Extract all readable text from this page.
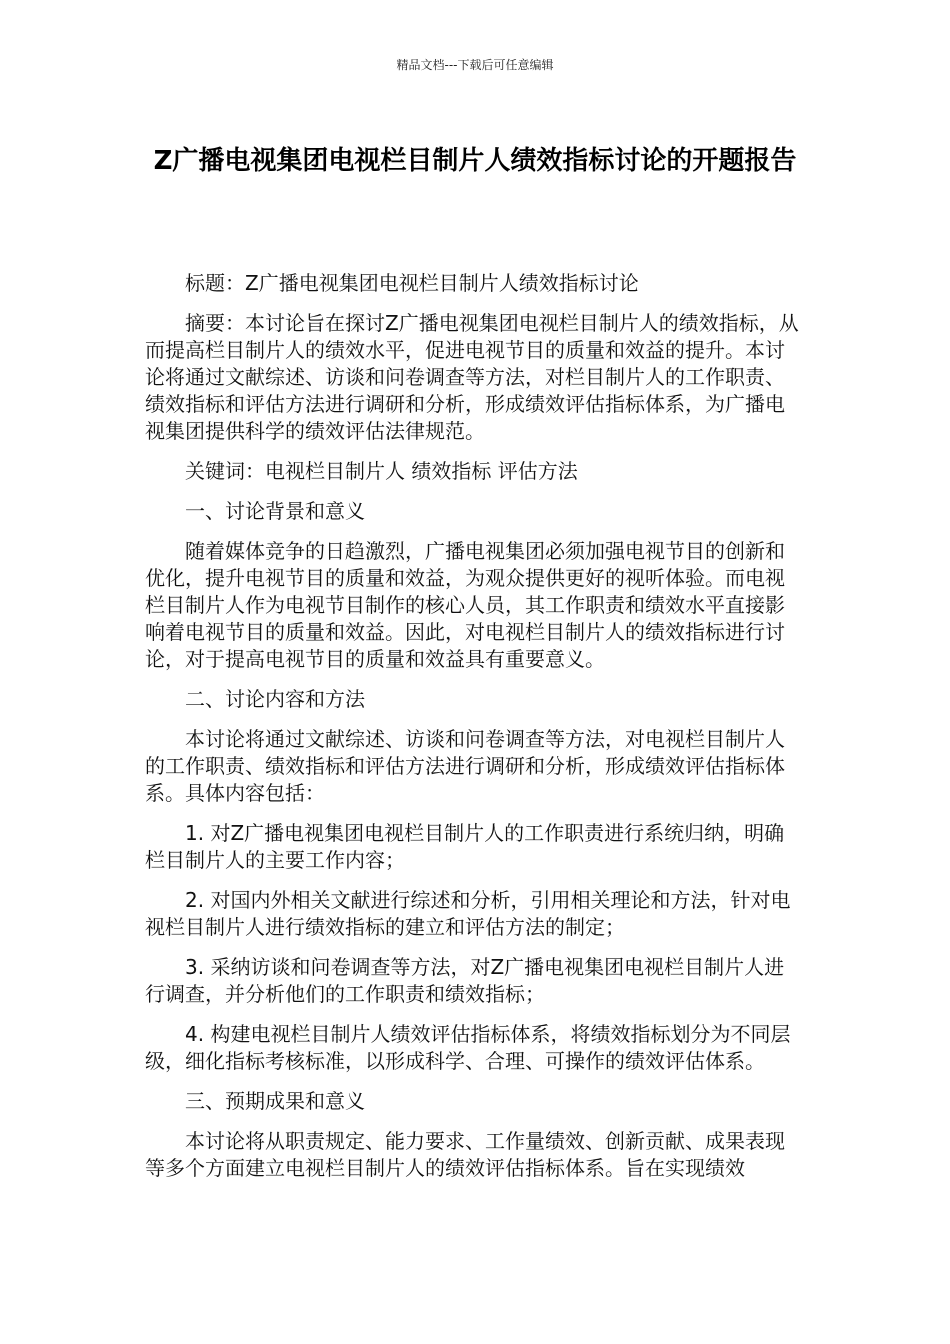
精品文档---下载后可任意编辑
Z广播电视集团电视栏目制片人绩效指标讨论的开题报告

标题：Z广播电视集团电视栏目制片人绩效指标讨论

摘要：本讨论旨在探讨Z广播电视集团电视栏目制片人的绩效指标，从而提高栏目制片人的绩效水平，促进电视节目的质量和效益的提升。本讨论将通过文献综述、访谈和问卷调查等方法，对栏目制片人的工作职责、绩效指标和评估方法进行调研和分析，形成绩效评估指标体系，为广播电视集团提供科学的绩效评估法律规范。

关键词：电视栏目制片人 绩效指标 评估方法

一、讨论背景和意义

随着媒体竞争的日趋激烈，广播电视集团必须加强电视节目的创新和优化，提升电视节目的质量和效益，为观众提供更好的视听体验。而电视栏目制片人作为电视节目制作的核心人员，其工作职责和绩效水平直接影响着电视节目的质量和效益。因此，对电视栏目制片人的绩效指标进行讨论，对于提高电视节目的质量和效益具有重要意义。

二、讨论内容和方法

本讨论将通过文献综述、访谈和问卷调查等方法，对电视栏目制片人的工作职责、绩效指标和评估方法进行调研和分析，形成绩效评估指标体系。具体内容包括：

1. 对Z广播电视集团电视栏目制片人的工作职责进行系统归纳，明确栏目制片人的主要工作内容；

2. 对国内外相关文献进行综述和分析，引用相关理论和方法，针对电视栏目制片人进行绩效指标的建立和评估方法的制定；

3. 采纳访谈和问卷调查等方法，对Z广播电视集团电视栏目制片人进行调查，并分析他们的工作职责和绩效指标；

4. 构建电视栏目制片人绩效评估指标体系，将绩效指标划分为不同层级，细化指标考核标准，以形成科学、合理、可操作的绩效评估体系。

三、预期成果和意义

本讨论将从职责规定、能力要求、工作量绩效、创新贡献、成果表现等多个方面建立电视栏目制片人的绩效评估指标体系。旨在实现绩效
